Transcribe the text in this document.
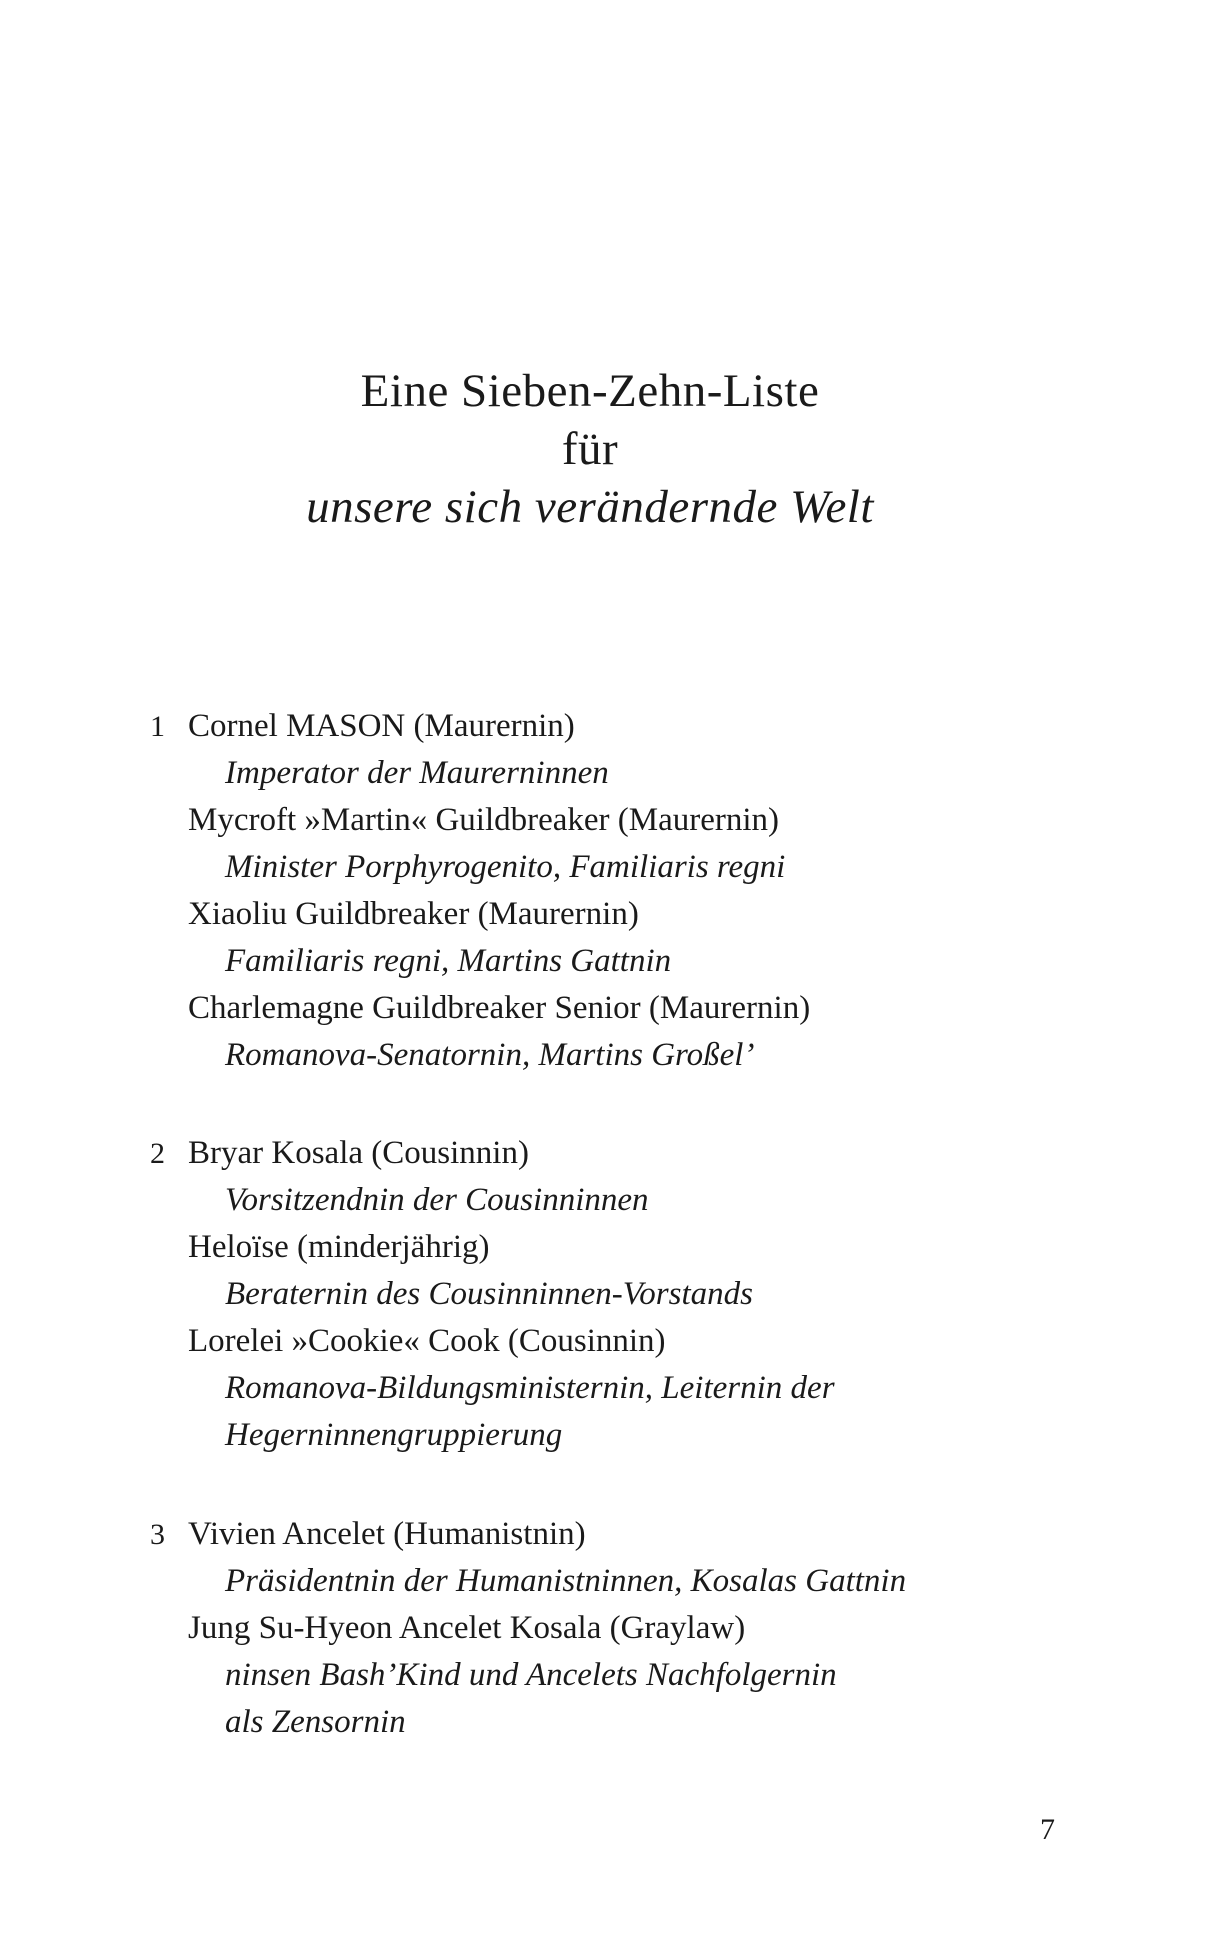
Eine Sieben-Zehn-Liste
für
unsere sich verändernde Welt
1 Cornel MASON (Maurernin)
Imperator der Maurerninnen
Mycroft »Martin« Guildbreaker (Maurernin)
Minister Porphyrogenito, Familiaris regni
Xiaoliu Guildbreaker (Maurernin)
Familiaris regni, Martins Gattnin
Charlemagne Guildbreaker Senior (Maurernin)
Romanova-Senatornin, Martins Großel’
2 Bryar Kosala (Cousinnin)
Vorsitzendnin der Cousinninnen
Heloïse (minderjährig)
Beraternin des Cousinninnen-Vorstands
Lorelei »Cookie« Cook (Cousinnin)
Romanova-Bildungsministernin, Leiternin der
Hegerninnengruppierung
3 Vivien Ancelet (Humanistnin)
Präsidentnin der Humanistninnen, Kosalas Gattnin
Jung Su-Hyeon Ancelet Kosala (Graylaw)
ninsen Bash’Kind und Ancelets Nachfolgernin
als Zensornin
7
